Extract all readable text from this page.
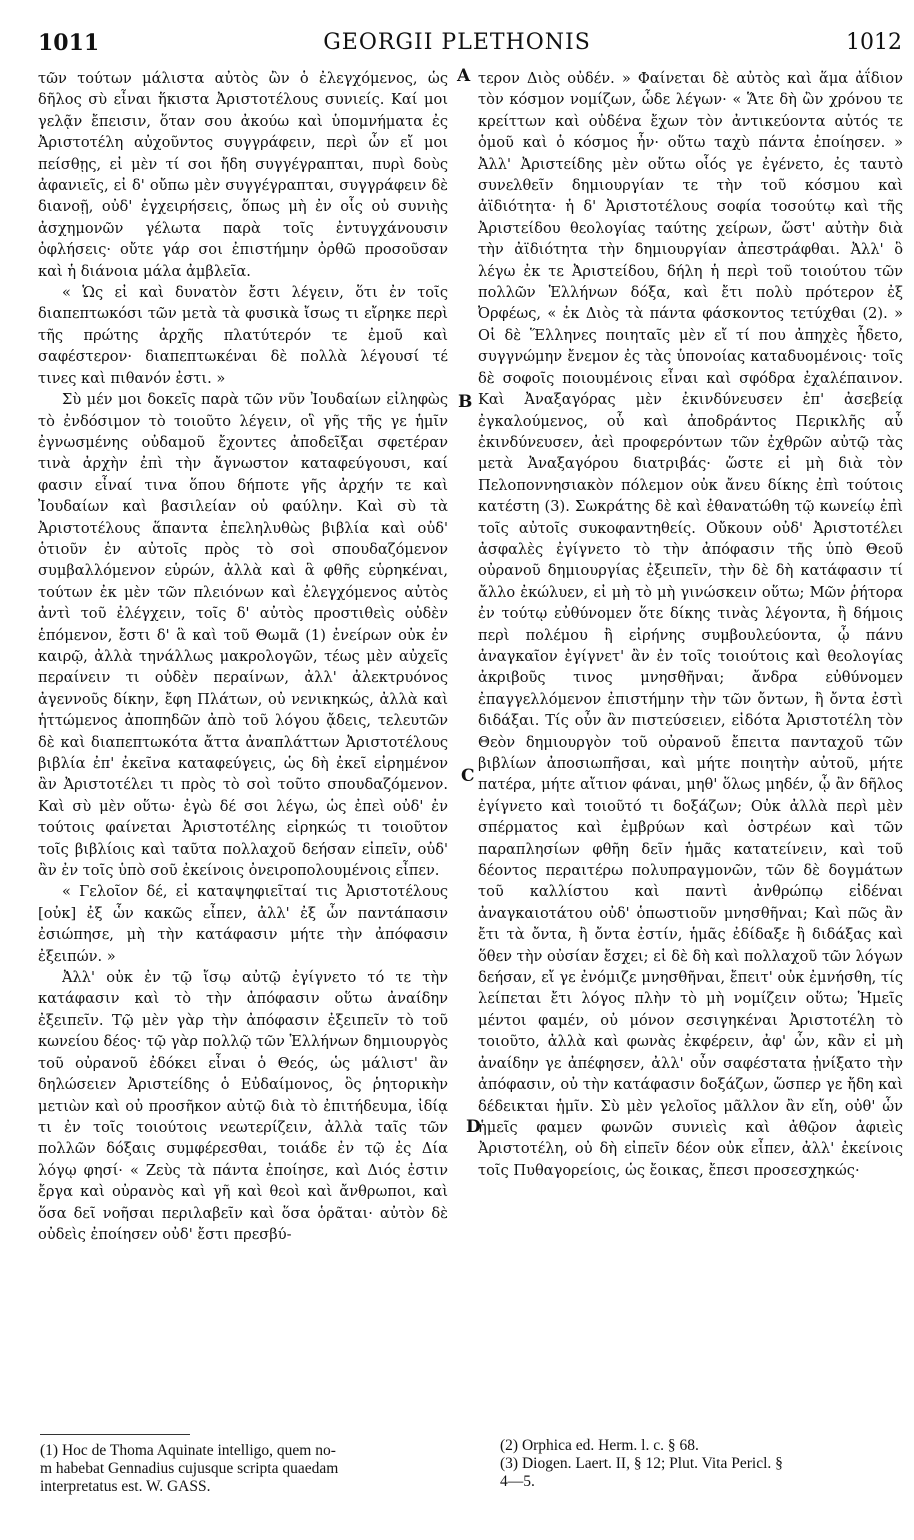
1011	GEORGII PLETHONIS	1012
A
B
C
D

τῶν τούτων μάλιστα αὐτὸς ὢν ὁ ἐλεγχόμενος, ὡς δῆλος σὺ εἶναι ἥκιστα Ἀριστοτέλους συνιείς. Καί μοι γελᾷν ἔπεισιν, ὅταν σου ἀκούω καὶ ὑπομνήματα ἐς Ἀριστοτέλη αὐχοῦντος συγγράφειν, περὶ ὧν εἴ μοι πείσθῃς, εἰ μὲν τί σοι ἤδη συγγέγραπται, πυρὶ δοὺς ἀφανιεῖς, εἰ δ' οὔπω μὲν συγγέγραπται, συγγράφειν δὲ διανοῇ, οὐδ' ἐγχειρήσεις, ὅπως μὴ ἐν οἷς οὐ συνιὴς ἀσχημονῶν γέλωτα παρὰ τοῖς ἐντυγχάνουσιν ὀφλήσεις· οὔτε γάρ σοι ἐπιστήμην ὀρθῶ προσοῦσαν καὶ ἡ διάνοια μάλα ἀμβλεῖα.

« Ὡς εἰ καὶ δυνατὸν ἔστι λέγειν, ὅτι ἐν τοῖς διαπεπτωκόσι τῶν μετὰ τὰ φυσικὰ ἴσως τι εἴρηκε περὶ τῆς πρώτης ἀρχῆς πλατύτερόν τε ἐμοῦ καὶ σαφέστερον· διαπεπτωκέναι δὲ πολλὰ λέγουσί τέ τινες καὶ πιθανόν ἐστι. »

Σὺ μέν μοι δοκεῖς παρὰ τῶν νῦν Ἰουδαίων εἰληφὼς τὸ ἐνδόσιμον τὸ τοιοῦτο λέγειν, οἳ γῆς τῆς γε ἡμῖν ἐγνωσμένης οὐδαμοῦ ἔχοντες ἀποδεῖξαι σφετέραν τινὰ ἀρχὴν ἐπὶ τὴν ἄγνωστον καταφεύγουσι, καί φασιν εἶναί τινα ὅπου δήποτε γῆς ἀρχήν τε καὶ Ἰουδαίων καὶ βασιλείαν οὐ φαύλην. Καὶ σὺ τὰ Ἀριστοτέλους ἅπαντα ἐπεληλυθὼς βιβλία καὶ οὐδ' ὁτιοῦν ἐν αὐτοῖς πρὸς τὸ σοὶ σπουδαζόμενον συμβαλλόμενον εὑρών, ἀλλὰ καὶ ἃ φθῆς εὑρηκέναι, τούτων ἐκ μὲν τῶν πλειόνων καὶ ἐλεγχόμενος αὐτὸς ἀντὶ τοῦ ἐλέγχειν, τοῖς δ' αὐτὸς προστιθεὶς οὐδὲν ἑπόμενον, ἔστι δ' ἃ καὶ τοῦ Θωμᾶ (1) ἐνείρων οὐκ ἐν καιρῷ, ἀλλὰ τηνάλλως μακρολογῶν, τέως μὲν αὐχεῖς περαίνειν τι οὐδὲν περαίνων, ἀλλ' ἀλεκτρυόνος ἀγεννοῦς δίκην, ἔφη Πλάτων, οὐ νενικηκώς, ἀλλὰ καὶ ἡττώμενος ἀποπηδῶν ἀπὸ τοῦ λόγου ᾄδεις, τελευτῶν δὲ καὶ διαπεπτωκότα ἄττα ἀναπλάττων Ἀριστοτέλους βιβλία ἐπ' ἐκεῖνα καταφεύγεις, ὡς δὴ ἐκεῖ εἰρημένον ἂν Ἀριστοτέλει τι πρὸς τὸ σοὶ τοῦτο σπουδαζόμενον. Καὶ σὺ μὲν οὕτω· ἐγὼ δέ σοι λέγω, ὡς ἐπεὶ οὐδ' ἐν τούτοις φαίνεται Ἀριστοτέλης εἰρηκώς τι τοιοῦτον τοῖς βιβλίοις καὶ ταῦτα πολλαχοῦ δεήσαν εἰπεῖν, οὐδ' ἂν ἐν τοῖς ὑπὸ σοῦ ἐκείνοις ὀνειροπολουμένοις εἶπεν.

« Γελοῖον δέ, εἰ καταψηφιεῖταί τις Ἀριστοτέλους [οὐκ] ἐξ ὧν κακῶς εἶπεν, ἀλλ' ἐξ ὧν παντάπασιν ἐσιώπησε, μὴ τὴν κατάφασιν μήτε τὴν ἀπόφασιν ἐξειπών. »

Ἀλλ' οὐκ ἐν τῷ ἴσῳ αὐτῷ ἐγίγνετο τό τε τὴν κατάφασιν καὶ τὸ τὴν ἀπόφασιν οὕτω ἀναίδην ἐξειπεῖν. Τῷ μὲν γὰρ τὴν ἀπόφασιν ἐξειπεῖν τὸ τοῦ κωνείου δέος· τῷ γὰρ πολλῷ τῶν Ἑλλήνων δημιουργὸς τοῦ οὐρανοῦ ἐδόκει εἶναι ὁ Θεός, ὡς μάλιστ' ἂν δηλώσειεν Ἀριστείδης ὁ Εὐδαίμονος, ὃς ῥητορικὴν μετιὼν καὶ οὐ προσῆκον αὐτῷ διὰ τὸ ἐπιτήδευμα, ἰδίᾳ τι ἐν τοῖς τοιούτοις νεωτερίζειν, ἀλλὰ ταῖς τῶν πολλῶν δόξαις συμφέρεσθαι, τοιάδε ἐν τῷ ἐς Δία λόγῳ φησί· « Ζεὺς τὰ πάντα ἐποίησε, καὶ Διός ἐστιν ἔργα καὶ οὐρανὸς καὶ γῆ καὶ θεοὶ καὶ ἄνθρωποι, καὶ ὅσα δεῖ νοῆσαι περιλαβεῖν καὶ ὅσα ὁρᾶται· αὐτὸν δὲ οὐδεὶς ἐποίησεν οὐδ' ἔστι πρεσβύ-

τερον Διὸς οὐδέν. » Φαίνεται δὲ αὐτὸς καὶ ἅμα ἀΐδιον τὸν κόσμον νομίζων, ὧδε λέγων· « Ἅτε δὴ ὢν χρόνου τε κρείττων καὶ οὐδένα ἔχων τὸν ἀντικεύοντα αὐτός τε ὁμοῦ καὶ ὁ κόσμος ἦν· οὕτω ταχὺ πάντα ἐποίησεν. » Ἀλλ' Ἀριστείδης μὲν οὕτω οἷός γε ἐγένετο, ἐς ταυτὸ συνελθεῖν δημιουργίαν τε τὴν τοῦ κόσμου καὶ ἀϊδιότητα· ἡ δ' Ἀριστοτέλους σοφία τοσούτῳ καὶ τῆς Ἀριστείδου θεολογίας ταύτης χείρων, ὥστ' αὐτὴν διὰ τὴν ἀϊδιότητα τὴν δημιουργίαν ἀπεστράφθαι. Ἀλλ' ὃ λέγω ἐκ τε Ἀριστείδου, δήλη ἡ περὶ τοῦ τοιούτου τῶν πολλῶν Ἑλλήνων δόξα, καὶ ἔτι πολὺ πρότερον ἐξ Ὀρφέως, « ἐκ Διὸς τὰ πάντα φάσκοντος τετύχθαι (2). » Οἱ δὲ Ἕλληνες ποιηταῖς μὲν εἴ τί που ἀπηχὲς ἦδετο, συγγνώμην ἔνεμον ἐς τὰς ὑπονοίας καταδυομένοις· τοῖς δὲ σοφοῖς ποιουμένοις εἶναι καὶ σφόδρα ἐχαλέπαινον. Καὶ Ἀναξαγόρας μὲν ἐκινδύνευσεν ἐπ' ἀσεβείᾳ ἐγκαλούμενος, οὗ καὶ ἀποδράντος Περικλῆς αὖ ἐκινδύνευσεν, ἀεὶ προφερόντων τῶν ἐχθρῶν αὐτῷ τὰς μετὰ Ἀναξαγόρου διατριβάς· ὥστε εἰ μὴ διὰ τὸν Πελοποννησιακὸν πόλεμον οὐκ ἄνευ δίκης ἐπὶ τούτοις κατέστη (3). Σωκράτης δὲ καὶ ἐθανατώθη τῷ κωνείῳ ἐπὶ τοῖς αὐτοῖς συκοφαντηθείς. Οὔκουν οὐδ' Ἀριστοτέλει ἀσφαλὲς ἐγίγνετο τὸ τὴν ἀπόφασιν τῆς ὑπὸ Θεοῦ οὐρανοῦ δημιουργίας ἐξειπεῖν, τὴν δὲ δὴ κατάφασιν τί ἄλλο ἐκώλυεν, εἰ μὴ τὸ μὴ γινώσκειν οὕτω; Μῶν ῥήτορα ἐν τούτῳ εὐθύνομεν ὅτε δίκης τινὰς λέγοντα, ἢ δήμοις περὶ πολέμου ἢ εἰρήνης συμβουλεύοντα, ᾧ πάνυ ἀναγκαῖον ἐγίγνετ' ἂν ἐν τοῖς τοιούτοις καὶ θεολογίας ἀκριβοῦς τινος μνησθῆναι; ἄνδρα εὐθύνομεν ἐπαγγελλόμενον ἐπιστήμην τὴν τῶν ὄντων, ἢ ὄντα ἐστὶ διδάξαι. Τίς οὖν ἂν πιστεύσειεν, εἰδότα Ἀριστοτέλη τὸν Θεὸν δημιουργὸν τοῦ οὐρανοῦ ἔπειτα πανταχοῦ τῶν βιβλίων ἀποσιωπῆσαι, καὶ μήτε ποιητὴν αὐτοῦ, μήτε πατέρα, μήτε αἴτιον φάναι, μηθ' ὅλως μηδέν, ᾧ ἂν δῆλος ἐγίγνετο καὶ τοιοῦτό τι δοξάζων; Οὐκ ἀλλὰ περὶ μὲν σπέρματος καὶ ἐμβρύων καὶ ὀστρέων καὶ τῶν παραπλησίων φθῆη δεῖν ἡμᾶς κατατείνειν, καὶ τοῦ δέοντος περαιτέρω πολυπραγμονῶν, τῶν δὲ δογμάτων τοῦ καλλίστου καὶ παντὶ ἀνθρώπῳ εἰδέναι ἀναγκαιοτάτου οὐδ' ὁπωστιοῦν μνησθῆναι; Καὶ πῶς ἂν ἔτι τὰ ὄντα, ἢ ὄντα ἐστίν, ἡμᾶς ἐδίδαξε ἢ διδάξας καὶ ὅθεν τὴν οὐσίαν ἔσχει; εἰ δὲ δὴ καὶ πολλαχοῦ τῶν λόγων δεήσαν, εἴ γε ἐνόμιζε μνησθῆναι, ἔπειτ' οὐκ ἐμνήσθη, τίς λείπεται ἔτι λόγος πλὴν τὸ μὴ νομίζειν οὕτω; Ἡμεῖς μέντοι φαμέν, οὐ μόνον σεσιγηκέναι Ἀριστοτέλη τὸ τοιοῦτο, ἀλλὰ καὶ φωνὰς ἐκφέρειν, ἀφ' ὧν, κἂν εἰ μὴ ἀναίδην γε ἀπέφησεν, ἀλλ' οὖν σαφέστατα ᾐνίξατο τὴν ἀπόφασιν, οὐ τὴν κατάφασιν δοξάζων, ὥσπερ γε ἤδη καὶ δέδεικται ἡμῖν. Σὺ μὲν γελοῖος μᾶλλον ἂν εἴη, οὐθ' ὧν ἡμεῖς φαμεν φωνῶν συνιεὶς καὶ ἀθῷον ἀφιεὶς Ἀριστοτέλη, οὐ δὴ εἰπεῖν δέον οὐκ εἶπεν, ἀλλ' ἐκείνοις τοῖς Πυθαγορείοις, ὡς ἔοικας, ἔπεσι προσεσχηκώς·

(1) Hoc de Thoma Aquinate intelligo, quem no-
m habebat Gennadius cujusque scripta quaedam
interpretatus est. W. GASS.
(2) Orphica ed. Herm. l. c. § 68.
(3) Diogen. Laert. II, § 12; Plut. Vita Pericl. §
4—5.
